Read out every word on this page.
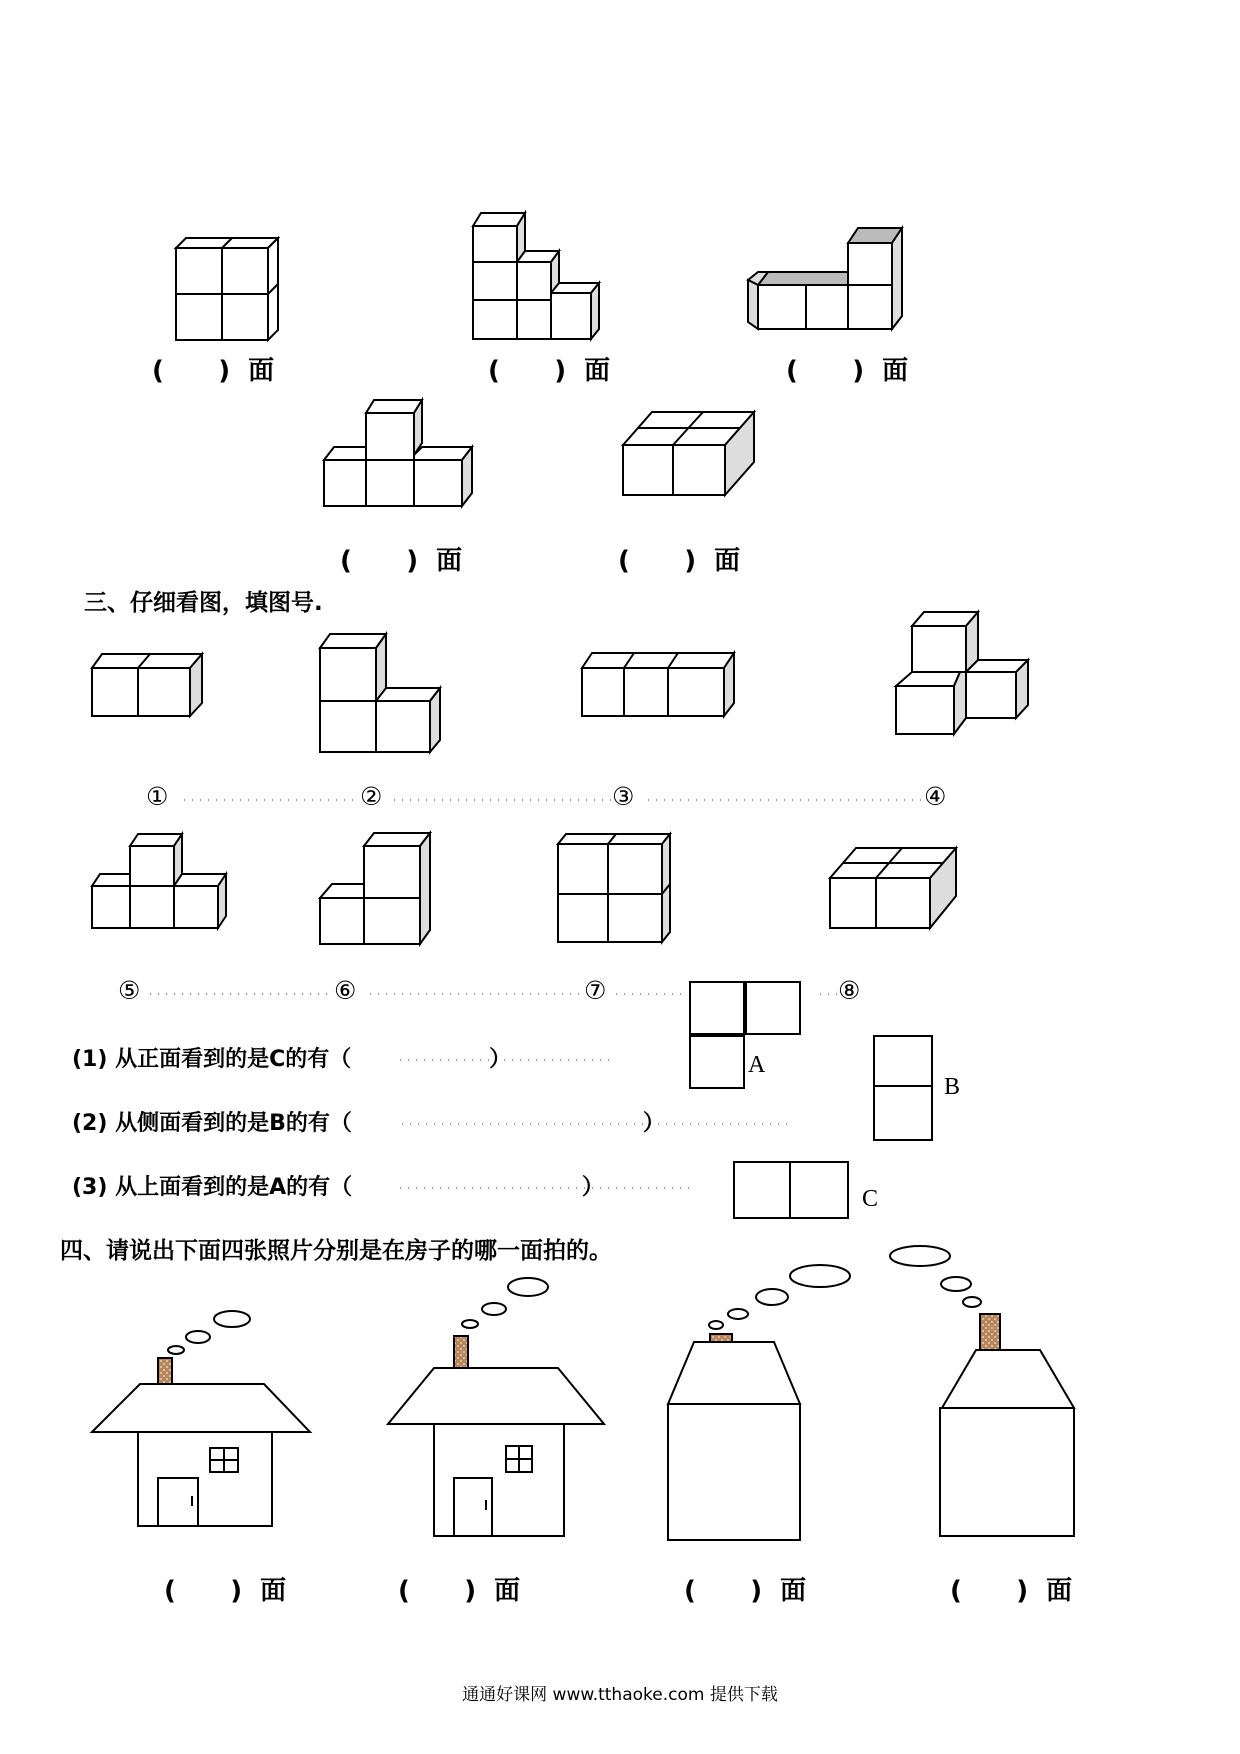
(      )  面	(      )  面	(      )  面
(      )  面	(      )  面
三、仔细看图，填图号.
①	②	③	④
⑤	⑥	⑦	⑧
(1) 从正面看到的是C的有（                  ）
(2) 从侧面看到的是B的有（                                      ）
(3) 从上面看到的是A的有（                              ）
A
B
C
四、请说出下面四张照片分别是在房子的哪一面拍的。
(      )  面	(      )  面	(      )  面	(      )  面
通通好课网 www.tthaoke.com 提供下载
